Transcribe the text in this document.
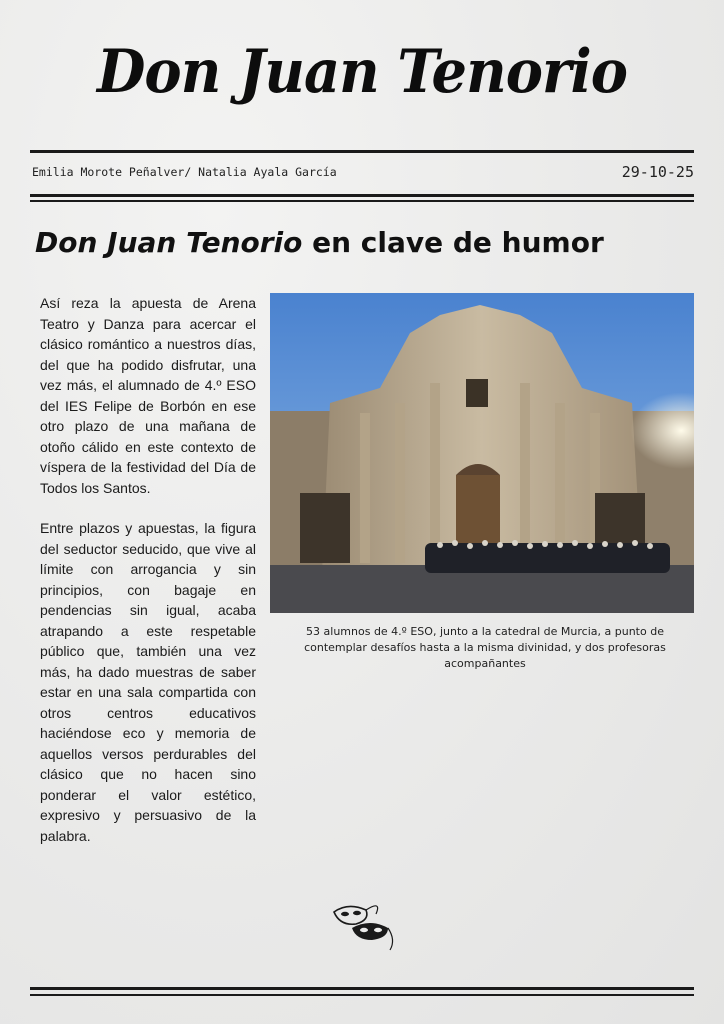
Don Juan Tenorio
Emilia Morote Peñalver/ Natalia Ayala García	29-10-25
Don Juan Tenorio en clave de humor

Así reza la apuesta de Arena Teatro y Danza para acercar el clásico romántico a nuestros días, del que ha podido disfrutar, una vez más, el alumnado de 4.º ESO del IES Felipe de Borbón en ese otro plazo de una mañana de otoño cálido en este contexto de víspera de la festividad del Día de Todos los Santos.

Entre plazos y apuestas, la figura del seductor seducido, que vive al límite con arrogancia y sin principios, con bagaje en pendencias sin igual, acaba atrapando a este respetable público que, también una vez más, ha dado muestras de saber estar en una sala compartida con otros centros educativos haciéndose eco y memoria de aquellos versos perdurables del clásico que no hacen sino ponderar el valor estético, expresivo y persuasivo de la palabra.

53 alumnos de 4.º ESO, junto a la catedral de Murcia, a punto de contemplar desafíos hasta a la misma divinidad, y dos profesoras acompañantes
